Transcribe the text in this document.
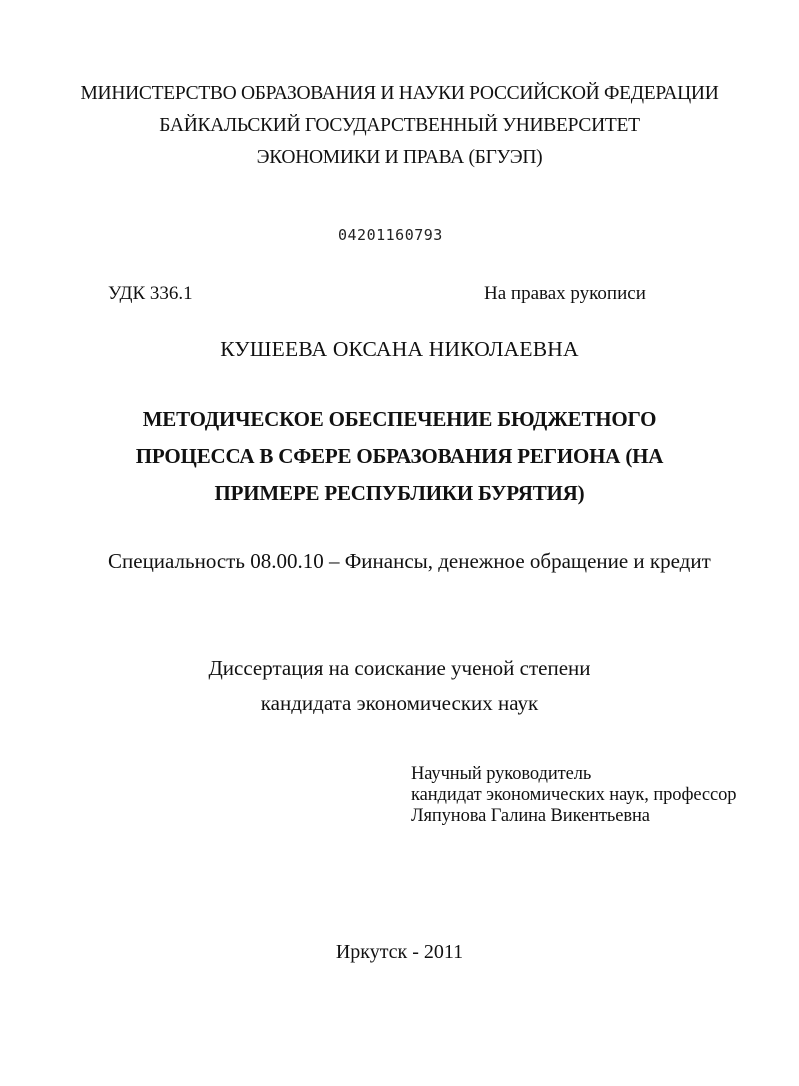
МИНИСТЕРСТВО ОБРАЗОВАНИЯ И НАУКИ РОССИЙСКОЙ ФЕДЕРАЦИИ
БАЙКАЛЬСКИЙ ГОСУДАРСТВЕННЫЙ УНИВЕРСИТЕТ
ЭКОНОМИКИ И ПРАВА (БГУЭП)
04201160793
УДК 336.1	На правах рукописи
КУШЕЕВА ОКСАНА НИКОЛАЕВНА
МЕТОДИЧЕСКОЕ ОБЕСПЕЧЕНИЕ БЮДЖЕТНОГО
ПРОЦЕССА В СФЕРЕ ОБРАЗОВАНИЯ РЕГИОНА (НА
ПРИМЕРЕ РЕСПУБЛИКИ БУРЯТИЯ)
Специальность 08.00.10 – Финансы, денежное обращение и кредит
Диссертация на соискание ученой степени
кандидата экономических наук
Научный руководитель
кандидат экономических наук, профессор
Ляпунова Галина Викентьевна
Иркутск - 2011
